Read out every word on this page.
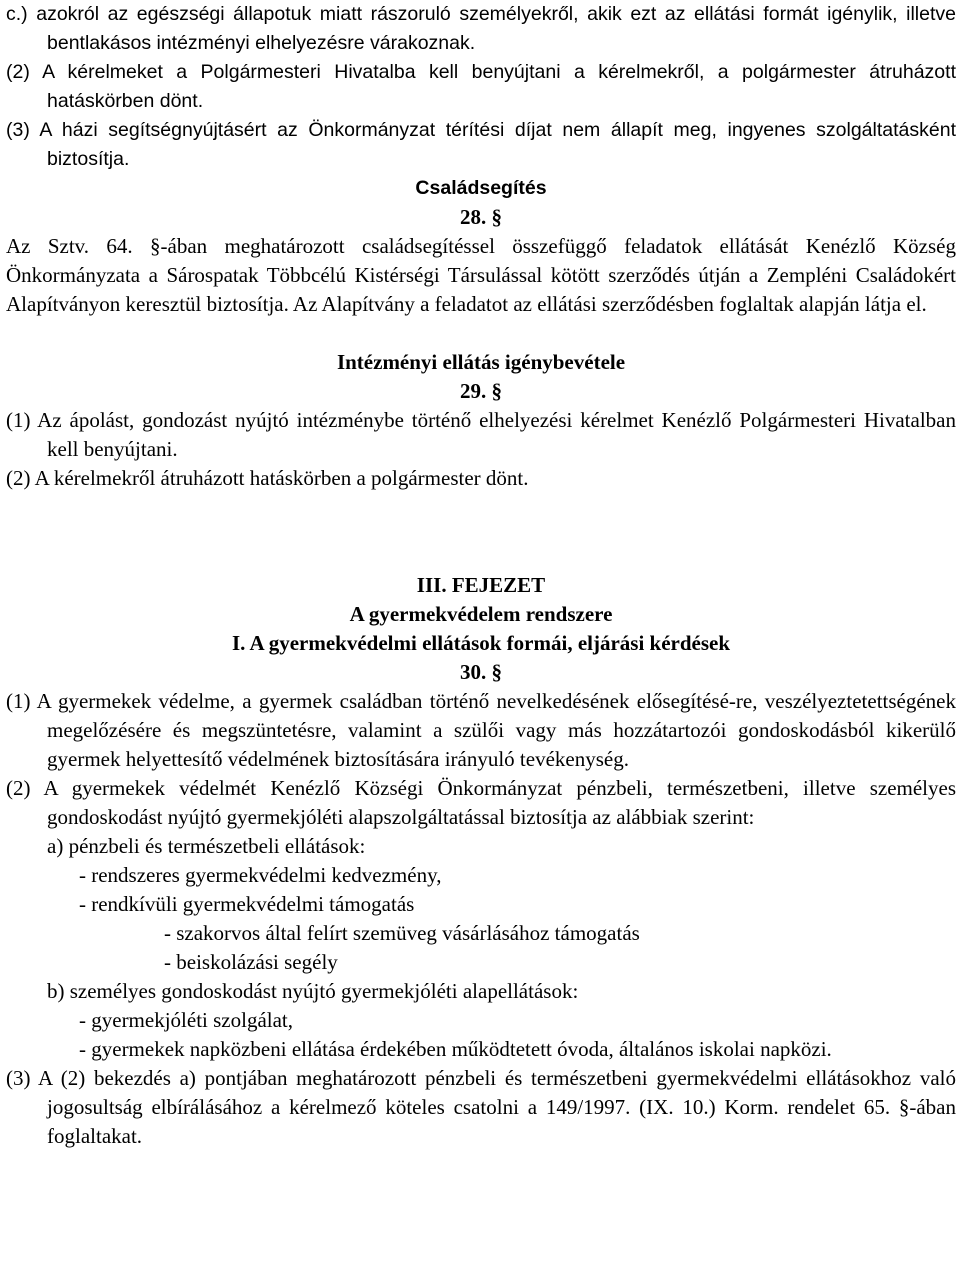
c.) azokról az egészségi állapotuk miatt rászoruló személyekről, akik ezt az ellátási formát igénylik, illetve bentlakásos intézményi elhelyezésre várakoznak.

(2) A kérelmeket a Polgármesteri Hivatalba kell benyújtani a kérelmekről, a polgármester átruházott hatáskörben dönt.

(3) A házi segítségnyújtásért az Önkormányzat térítési díjat nem állapít meg, ingyenes szolgáltatásként biztosítja.

Családsegítés

28. §

Az Sztv. 64. §-ában meghatározott családsegítéssel összefüggő feladatok ellátását Kenézlő Község Önkormányzata a Sárospatak Többcélú Kistérségi Társulással kötött szerződés útján a Zempléni Családokért Alapítványon keresztül biztosítja. Az Alapítvány a feladatot az ellátási szerződésben foglaltak alapján látja el.

Intézményi ellátás igénybevétele

29. §

(1) Az ápolást, gondozást nyújtó intézménybe történő elhelyezési kérelmet Kenézlő Polgármesteri Hivatalban kell benyújtani.

(2) A kérelmekről átruházott hatáskörben a polgármester dönt.

III. FEJEZET

A gyermekvédelem rendszere

I. A gyermekvédelmi ellátások formái, eljárási kérdések

30. §

(1) A gyermekek védelme, a gyermek családban történő nevelkedésének elősegítésé-re, veszélyeztetettségének megelőzésére és megszüntetésre, valamint a szülői vagy más hozzátartozói gondoskodásból kikerülő gyermek helyettesítő védelmének biztosítására irányuló tevékenység.

(2) A gyermekek védelmét Kenézlő Községi Önkormányzat pénzbeli, természetbeni, illetve személyes gondoskodást nyújtó gyermekjóléti alapszolgáltatással biztosítja az alábbiak szerint:

a) pénzbeli és természetbeli ellátások:

- rendszeres gyermekvédelmi kedvezmény,

- rendkívüli gyermekvédelmi támogatás

- szakorvos által felírt szemüveg vásárlásához támogatás

- beiskolázási segély

b) személyes gondoskodást nyújtó gyermekjóléti alapellátások:

- gyermekjóléti szolgálat,

- gyermekek napközbeni ellátása érdekében működtetett óvoda, általános iskolai napközi.

(3) A (2) bekezdés a) pontjában meghatározott pénzbeli és természetbeni gyermekvédelmi ellátásokhoz való jogosultság elbírálásához a kérelmező köteles csatolni a 149/1997. (IX. 10.) Korm. rendelet 65. §-ában foglaltakat.
